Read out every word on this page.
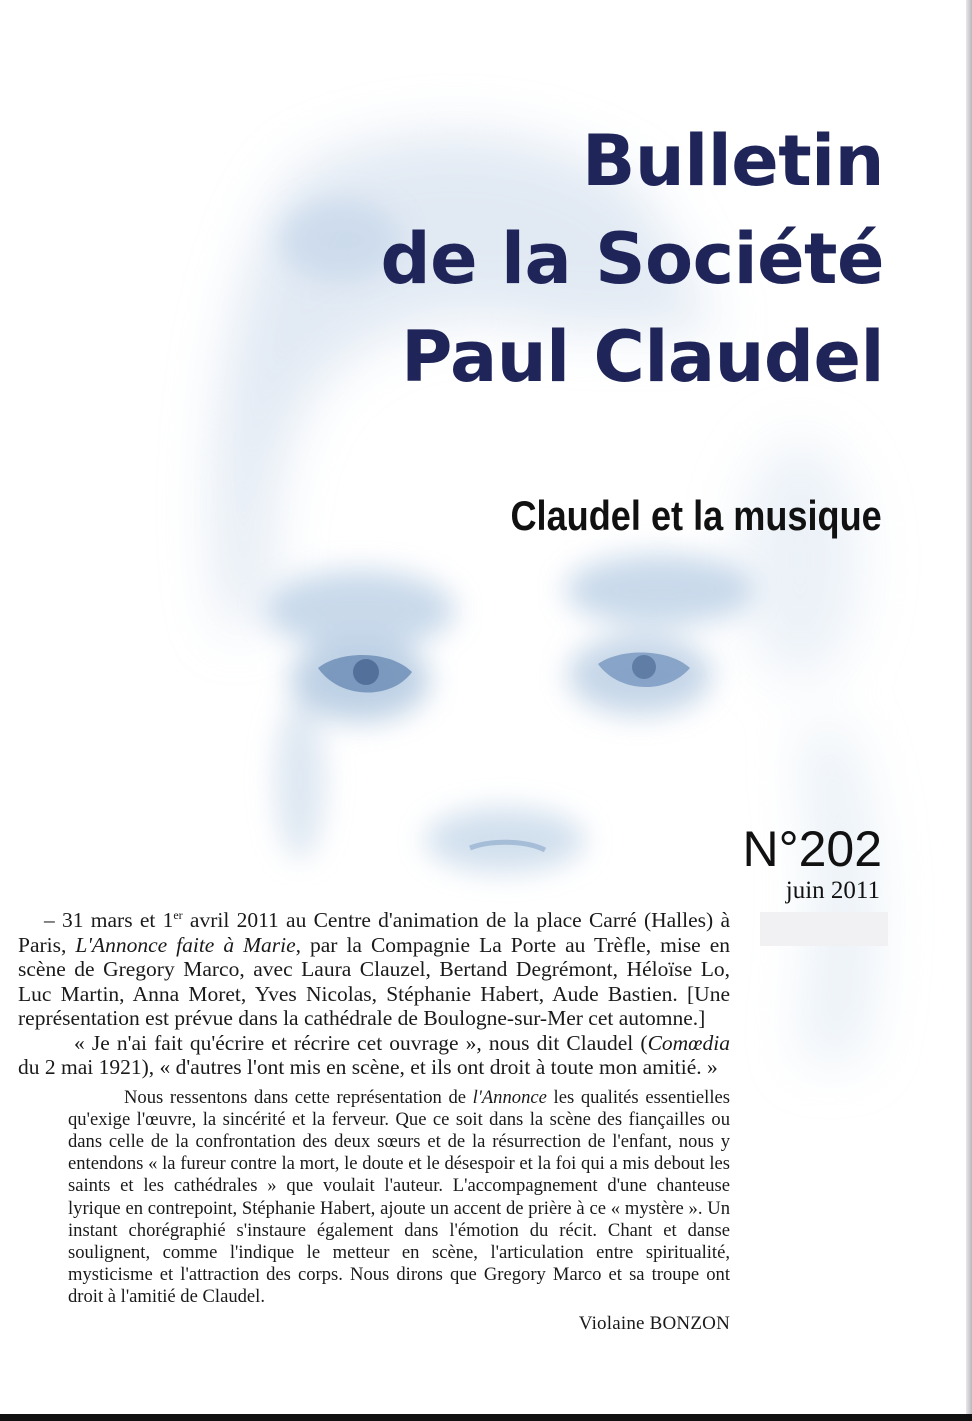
Bulletin
de la Société
Paul Claudel
Claudel et la musique
N°202
juin 2011

– 31 mars et 1er avril 2011 au Centre d'animation de la place Carré (Halles) à Paris, L'Annonce faite à Marie, par la Compagnie La Porte au Trèfle, mise en scène de Gregory Marco, avec Laura Clauzel, Bertand Degrémont, Héloïse Lo, Luc Martin, Anna Moret, Yves Nicolas, Stéphanie Habert, Aude Bastien. [Une représentation est prévue dans la cathédrale de Boulogne-sur-Mer cet automne.]

« Je n'ai fait qu'écrire et récrire cet ouvrage », nous dit Claudel (Comœdia du 2 mai 1921), « d'autres l'ont mis en scène, et ils ont droit à toute mon amitié. »

Nous ressentons dans cette représentation de l'Annonce les qualités essentielles qu'exige l'œuvre, la sincérité et la ferveur. Que ce soit dans la scène des fiançailles ou dans celle de la confrontation des deux sœurs et de la résurrection de l'enfant, nous y entendons « la fureur contre la mort, le doute et le désespoir et la foi qui a mis debout les saints et les cathédrales » que voulait l'auteur. L'accompagnement d'une chanteuse lyrique en contrepoint, Stéphanie Habert, ajoute un accent de prière à ce « mystère ». Un instant chorégraphié s'instaure également dans l'émotion du récit. Chant et danse soulignent, comme l'indique le metteur en scène, l'articulation entre spiritualité, mysticisme et l'attraction des corps. Nous dirons que Gregory Marco et sa troupe ont droit à l'amitié de Claudel.

Violaine BONZON
